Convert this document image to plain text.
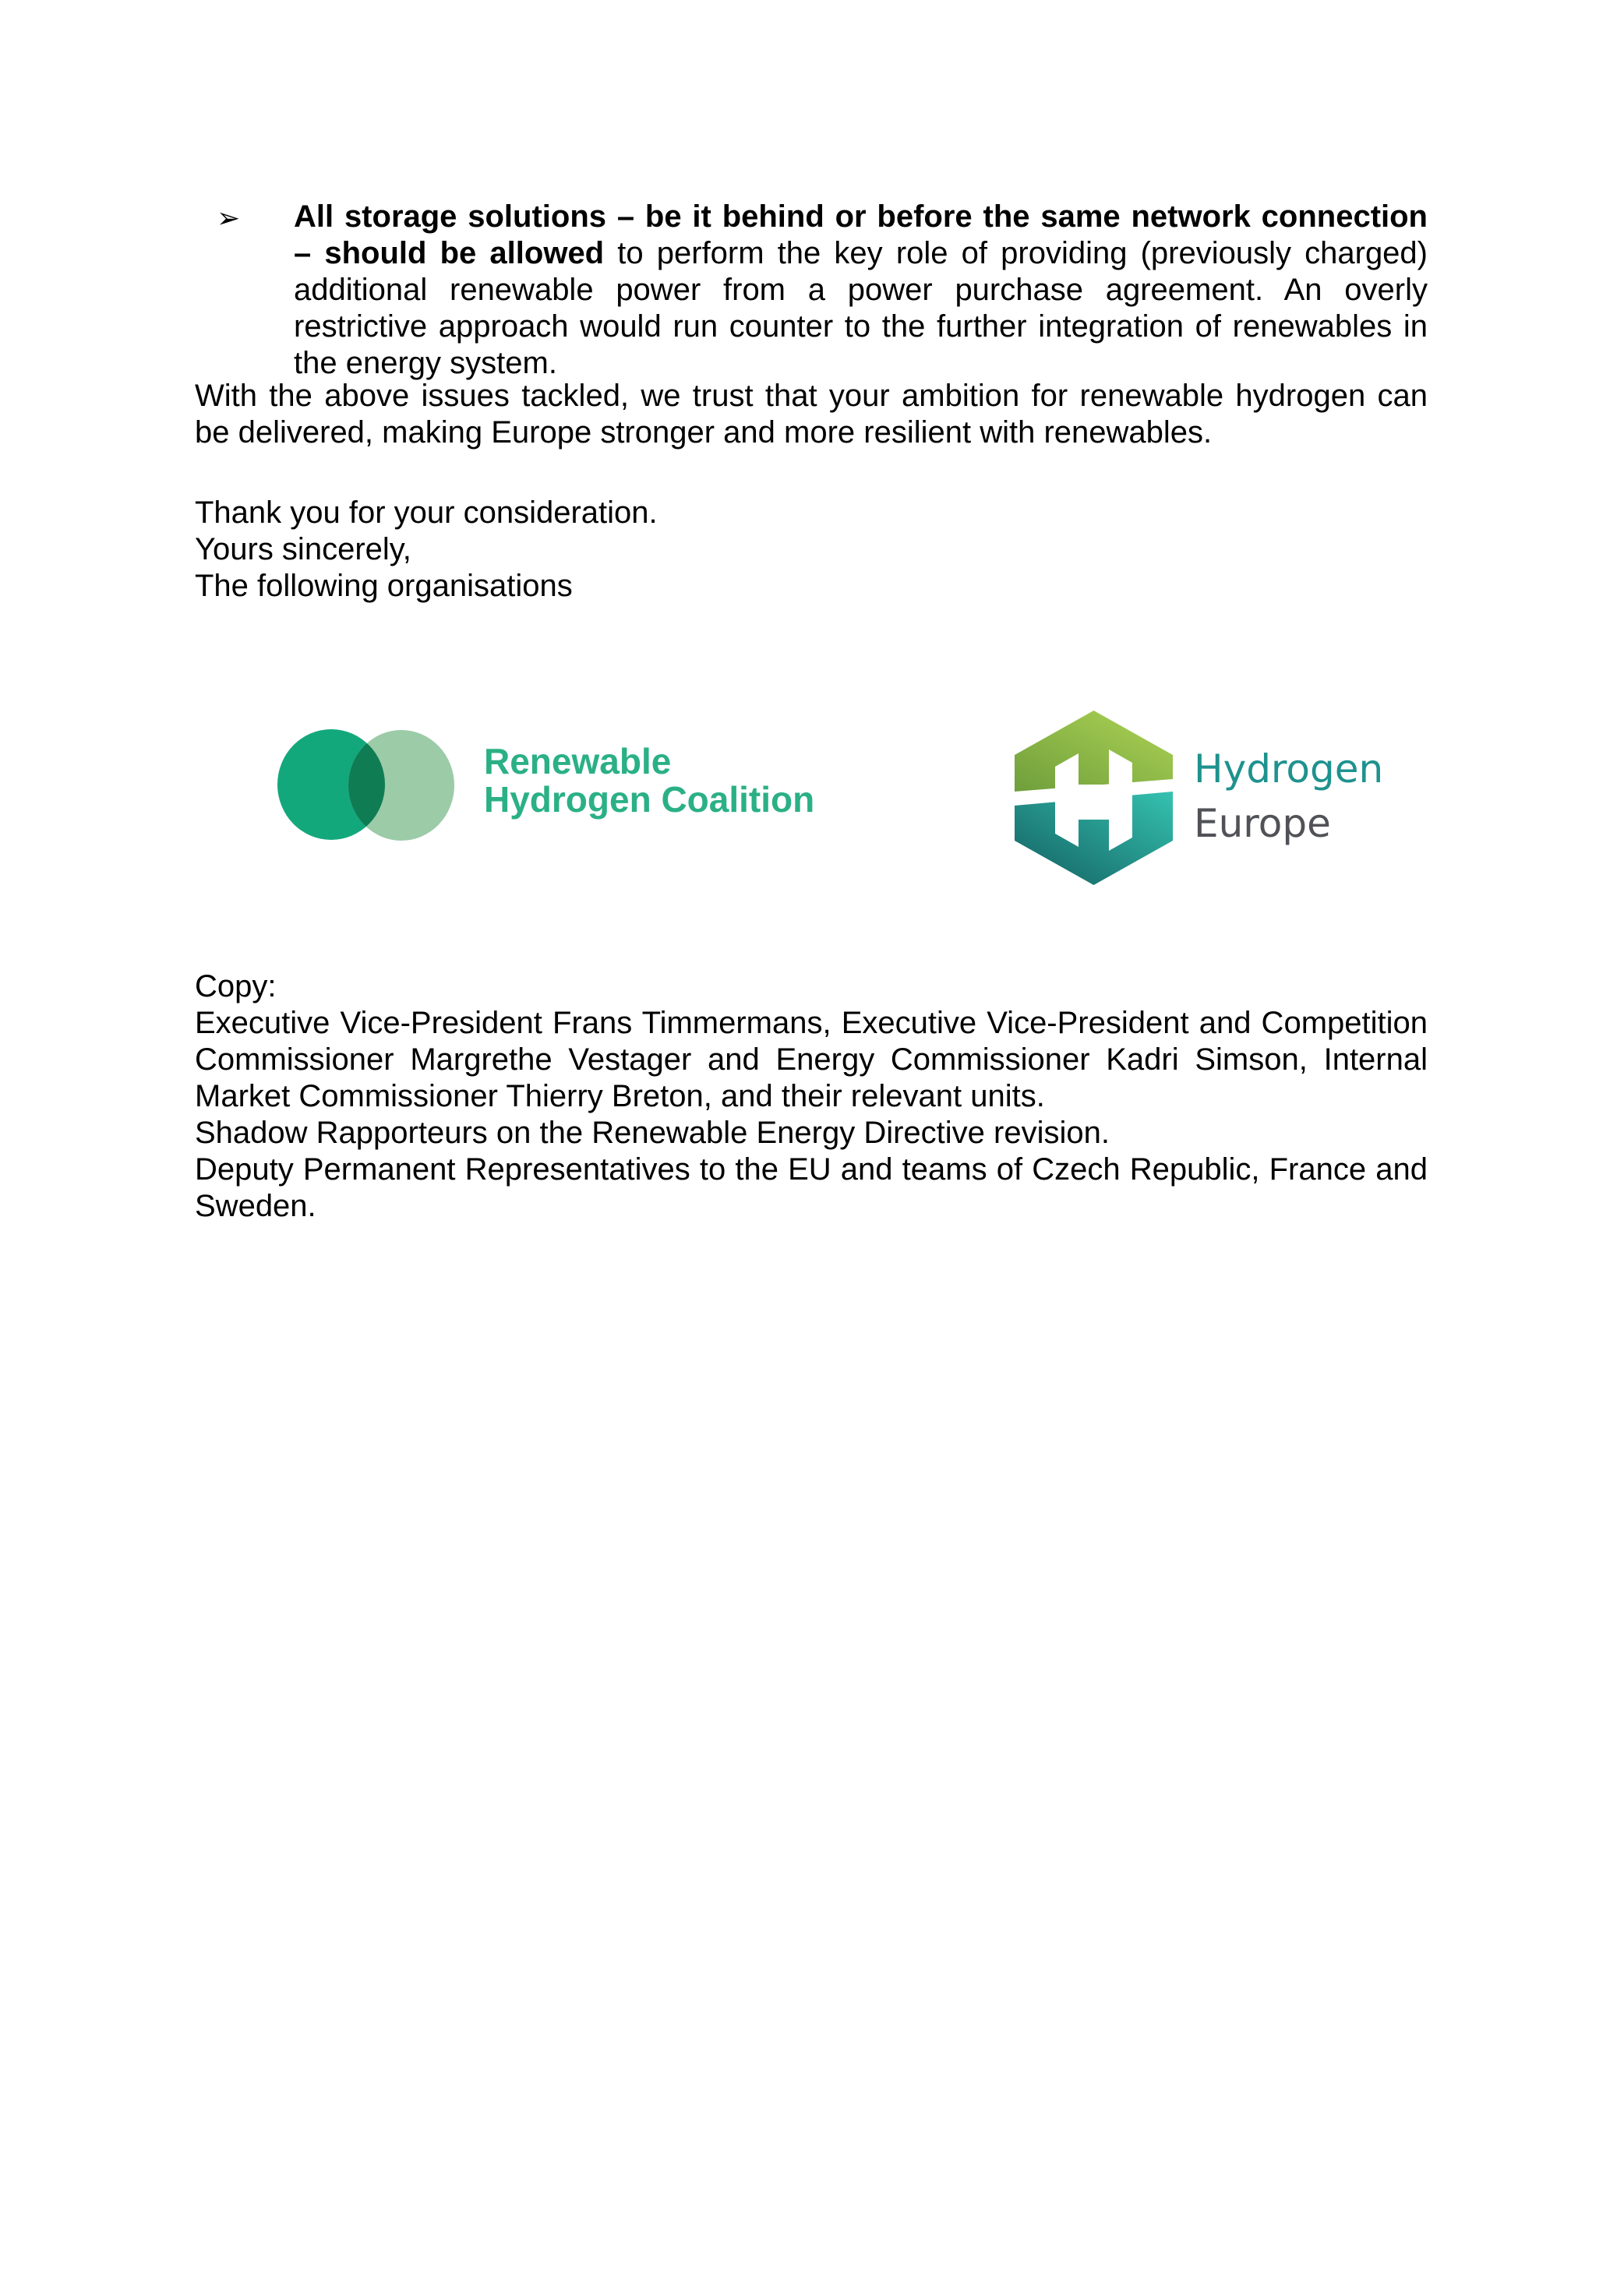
➢ All storage solutions – be it behind or before the same network connection – should be allowed to perform the key role of providing (previously charged) additional renewable power from a power purchase agreement. An overly restrictive approach would run counter to the further integration of renewables in the energy system.
With the above issues tackled, we trust that your ambition for renewable hydrogen can be delivered, making Europe stronger and more resilient with renewables.
Thank you for your consideration.
Yours sincerely,
The following organisations
Renewable
Hydrogen Coalition
Hydrogen
Europe

Copy:

Executive Vice-President Frans Timmermans, Executive Vice-President and Competition Commissioner Margrethe Vestager and Energy Commissioner Kadri Simson, Internal Market Commissioner Thierry Breton, and their relevant units.

Shadow Rapporteurs on the Renewable Energy Directive revision.

Deputy Permanent Representatives to the EU and teams of Czech Republic, France and Sweden.
